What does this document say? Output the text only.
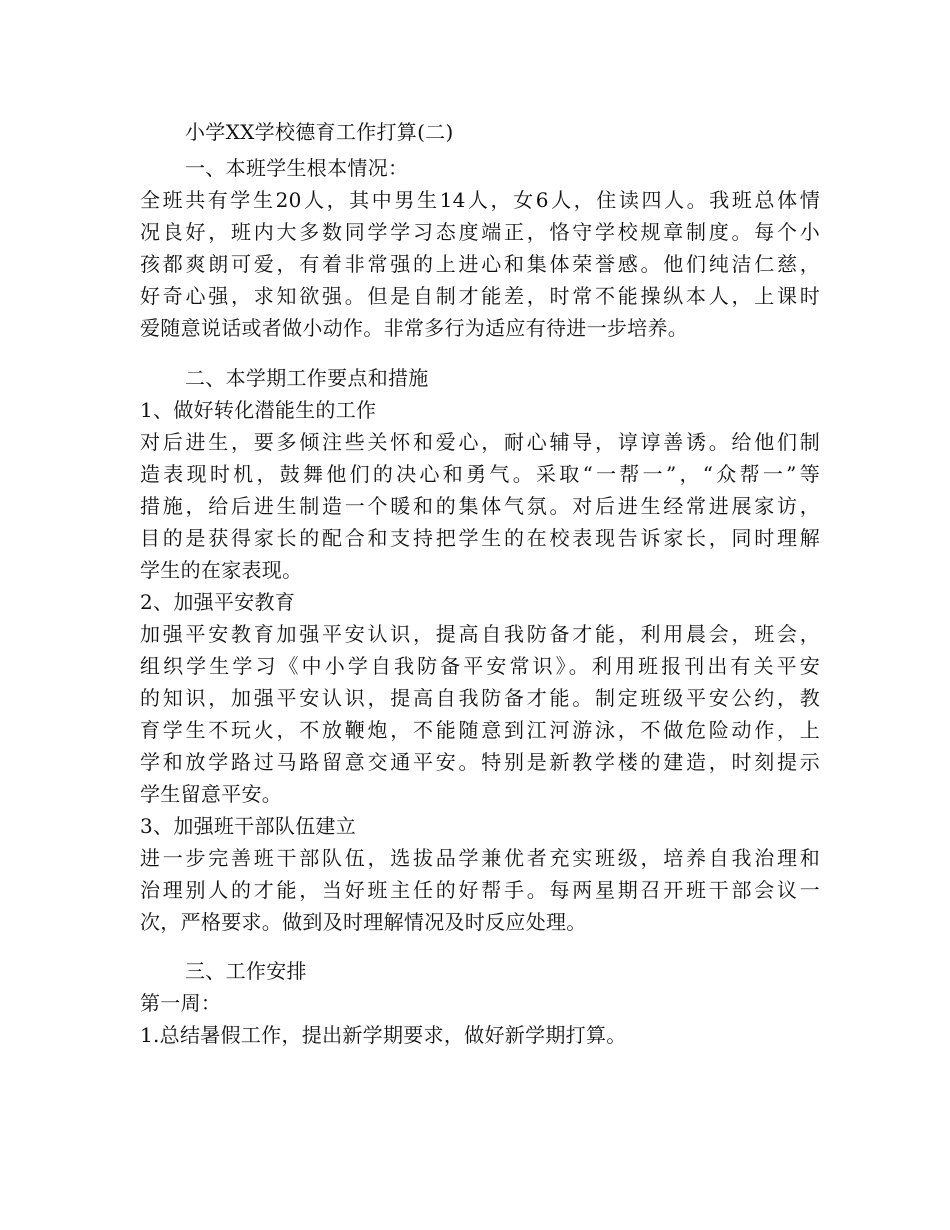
小学XX学校德育工作打算(二)
一、本班学生根本情况：
全班共有学生20人，其中男生14人，女6人，住读四人。我班总体情
况良好，班内大多数同学学习态度端正，恪守学校规章制度。每个小
孩都爽朗可爱，有着非常强的上进心和集体荣誉感。他们纯洁仁慈，
好奇心强，求知欲强。但是自制才能差，时常不能操纵本人，上课时
爱随意说话或者做小动作。非常多行为适应有待进一步培养。
二、本学期工作要点和措施
1、做好转化潜能生的工作
对后进生，要多倾注些关怀和爱心，耐心辅导，谆谆善诱。给他们制
造表现时机，鼓舞他们的决心和勇气。采取“一帮一”，“众帮一”等
措施，给后进生制造一个暖和的集体气氛。对后进生经常进展家访，
目的是获得家长的配合和支持把学生的在校表现告诉家长，同时理解
学生的在家表现。
2、加强平安教育
加强平安教育加强平安认识，提高自我防备才能，利用晨会，班会，
组织学生学习《中小学自我防备平安常识》。利用班报刊出有关平安
的知识，加强平安认识，提高自我防备才能。制定班级平安公约，教
育学生不玩火，不放鞭炮，不能随意到江河游泳，不做危险动作，上
学和放学路过马路留意交通平安。特别是新教学楼的建造，时刻提示
学生留意平安。
3、加强班干部队伍建立
进一步完善班干部队伍，选拔品学兼优者充实班级，培养自我治理和
治理别人的才能，当好班主任的好帮手。每两星期召开班干部会议一
次，严格要求。做到及时理解情况及时反应处理。
三、工作安排
第一周：
1.总结暑假工作，提出新学期要求，做好新学期打算。
